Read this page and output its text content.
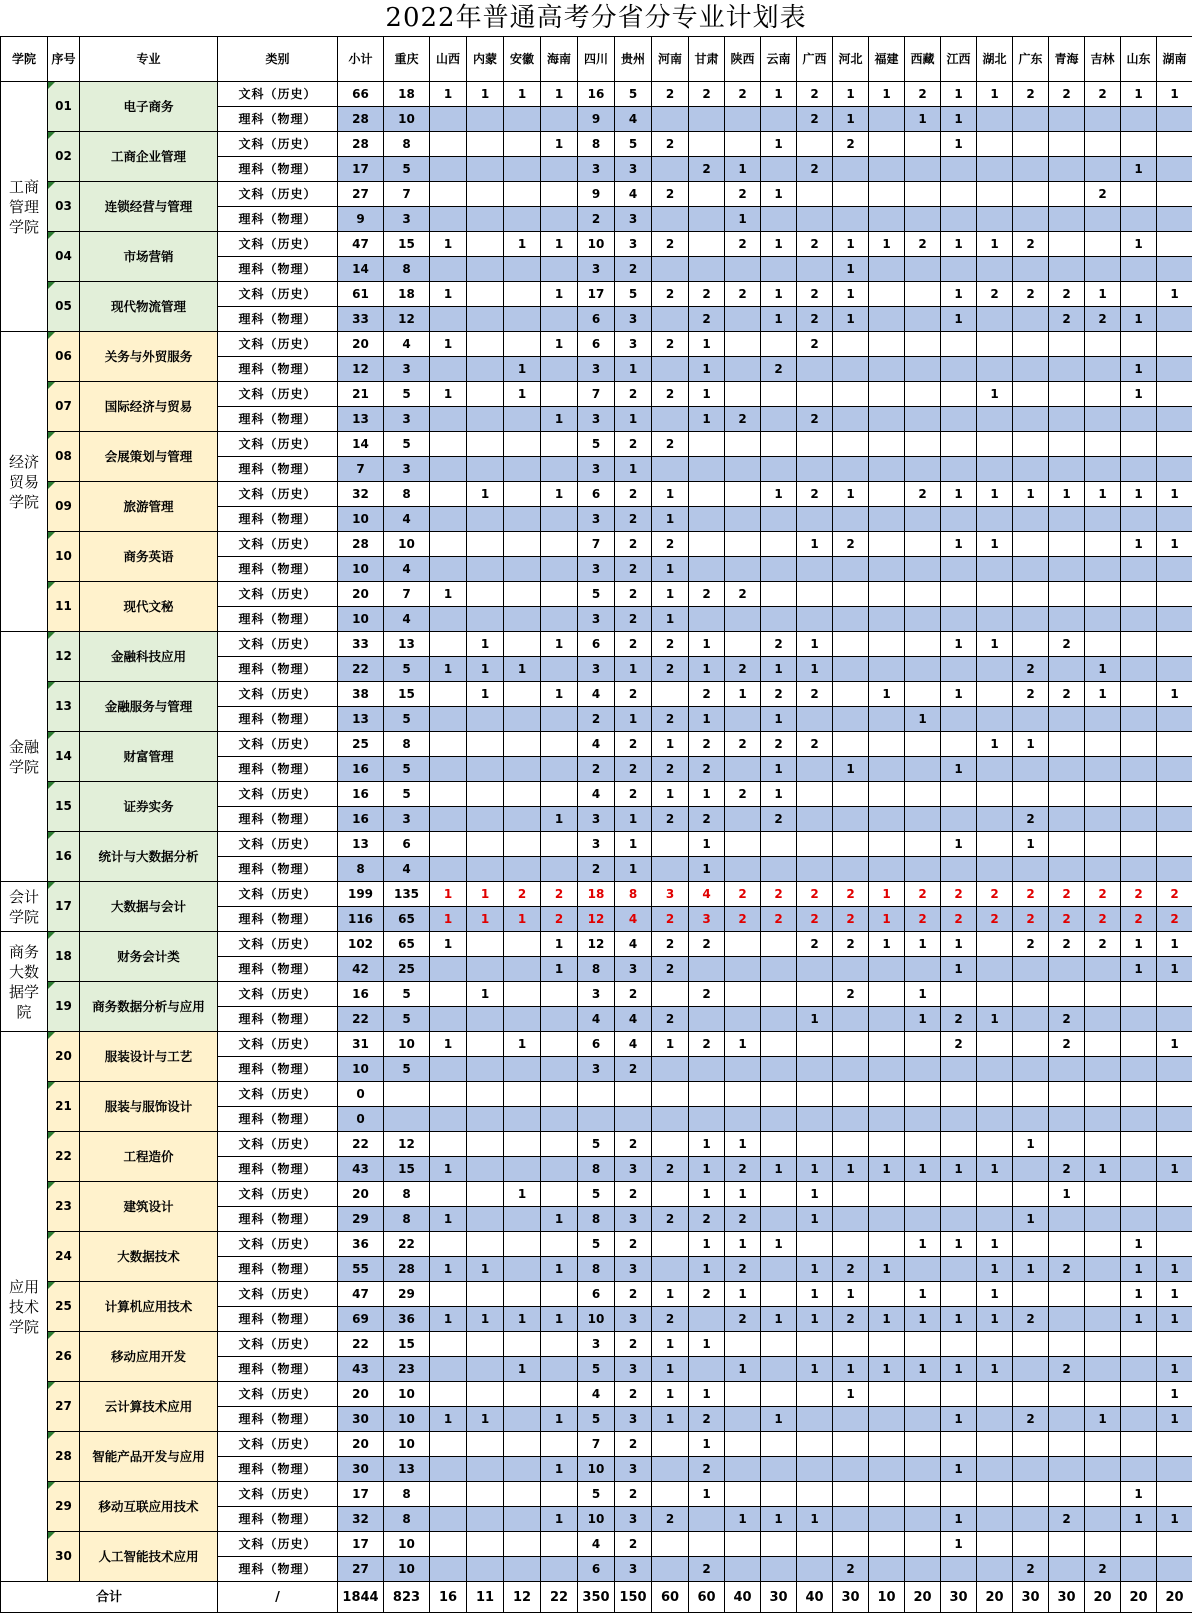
2022年普通高考分省分专业计划表
学院	序号	专业	类别	小计	重庆	山西	内蒙	安徽	海南	四川	贵州	河南	甘肃	陕西	云南	广西	河北	福建	西藏	江西	湖北	广东	青海	吉林	山东	湖南
工商管理学院	01	电子商务	文科（历史）	66	18	1	1	1	1	16	5	2	2	2	1	2	1	1	2	1	1	2	2	2	1	1
			理科（物理）	28	10					9	4					2	1		1	1						
	02	工商企业管理	文科（历史）	28	8				1	8	5	2			1		2			1						
			理科（物理）	17	5					3	3		2	1		2									1	
	03	连锁经营与管理	文科（历史）	27	7					9	4	2		2	1									2		
			理科（物理）	9	3					2	3			1												
	04	市场营销	文科（历史）	47	15	1		1	1	10	3	2		2	1	2	1	1	2	1	1	2			1	
			理科（物理）	14	8					3	2						1									
	05	现代物流管理	文科（历史）	61	18	1			1	17	5	2	2	2	1	2	1			1	2	2	2	1		1
			理科（物理）	33	12					6	3		2		1	2	1			1			2	2	1	
经济贸易学院	06	关务与外贸服务	文科（历史）	20	4	1			1	6	3	2	1			2										
			理科（物理）	12	3			1		3	1		1		2										1	
	07	国际经济与贸易	文科（历史）	21	5	1		1		7	2	2	1								1				1	
			理科（物理）	13	3				1	3	1		1	2		2										
	08	会展策划与管理	文科（历史）	14	5					5	2	2														
			理科（物理）	7	3					3	1															
	09	旅游管理	文科（历史）	32	8		1		1	6	2	1			1	2	1		2	1	1	1	1	1	1	1
			理科（物理）	10	4					3	2	1														
	10	商务英语	文科（历史）	28	10					7	2	2				1	2			1	1				1	1
			理科（物理）	10	4					3	2	1														
	11	现代文秘	文科（历史）	20	7	1				5	2	1	2	2												
			理科（物理）	10	4					3	2	1														
金融学院	12	金融科技应用	文科（历史）	33	13		1		1	6	2	2	1		2	1				1	1		2			
			理科（物理）	22	5	1	1	1		3	1	2	1	2	1	1						2		1		
	13	金融服务与管理	文科（历史）	38	15		1		1	4	2		2	1	2	2		1		1		2	2	1		1
			理科（物理）	13	5					2	1	2	1		1				1							
	14	财富管理	文科（历史）	25	8					4	2	1	2	2	2	2					1	1				
			理科（物理）	16	5					2	2	2	2		1		1			1						
	15	证券实务	文科（历史）	16	5					4	2	1	1	2	1											
			理科（物理）	16	3				1	3	1	2	2		2							2				
	16	统计与大数据分析	文科（历史）	13	6					3	1		1							1		1				
			理科（物理）	8	4					2	1		1													
会计学院	17	大数据与会计	文科（历史）	199	135	1	1	2	2	18	8	3	4	2	2	2	2	1	2	2	2	2	2	2	2	2
			理科（物理）	116	65	1	1	1	2	12	4	2	3	2	2	2	2	1	2	2	2	2	2	2	2	2
商务大数据学院	18	财务会计类	文科（历史）	102	65	1			1	12	4	2	2			2	2	1	1	1		2	2	2	1	1
			理科（物理）	42	25				1	8	3	2								1					1	1
	19	商务数据分析与应用	文科（历史）	16	5		1			3	2		2				2		1							
			理科（物理）	22	5					4	4	2				1			1	2	1		2			
应用技术学院	20	服装设计与工艺	文科（历史）	31	10	1		1		6	4	1	2	1						2			2			1
			理科（物理）	10	5					3	2															
	21	服装与服饰设计	文科（历史）	0																						
			理科（物理）	0																						
	22	工程造价	文科（历史）	22	12					5	2		1	1								1				
			理科（物理）	43	15	1				8	3	2	1	2	1	1	1	1	1	1	1		2	1		1
	23	建筑设计	文科（历史）	20	8			1		5	2		1	1		1							1			
			理科（物理）	29	8	1			1	8	3	2	2	2		1						1				
	24	大数据技术	文科（历史）	36	22					5	2		1	1	1				1	1	1				1	
			理科（物理）	55	28	1	1		1	8	3		1	2		1	2	1			1	1	2		1	1
	25	计算机应用技术	文科（历史）	47	29					6	2	1	2	1		1	1		1		1				1	1
			理科（物理）	69	36	1	1	1	1	10	3	2		2	1	1	2	1	1	1	1	2			1	1
	26	移动应用开发	文科（历史）	22	15					3	2	1	1													
			理科（物理）	43	23			1		5	3	1		1		1	1	1	1	1	1		2			1
	27	云计算技术应用	文科（历史）	20	10					4	2	1	1				1									1
			理科（物理）	30	10	1	1		1	5	3	1	2		1					1		2		1		1
	28	智能产品开发与应用	文科（历史）	20	10					7	2		1													
			理科（物理）	30	13				1	10	3		2							1						
	29	移动互联应用技术	文科（历史）	17	8					5	2		1												1	
			理科（物理）	32	8				1	10	3	2		1	1	1				1			2		1	1
	30	人工智能技术应用	文科（历史）	17	10					4	2									1						
			理科（物理）	27	10					6	3		2				2					2		2		
合计			/	1844	823	16	11	12	22	350	150	60	60	40	30	40	30	10	20	30	20	30	30	20	20	20
